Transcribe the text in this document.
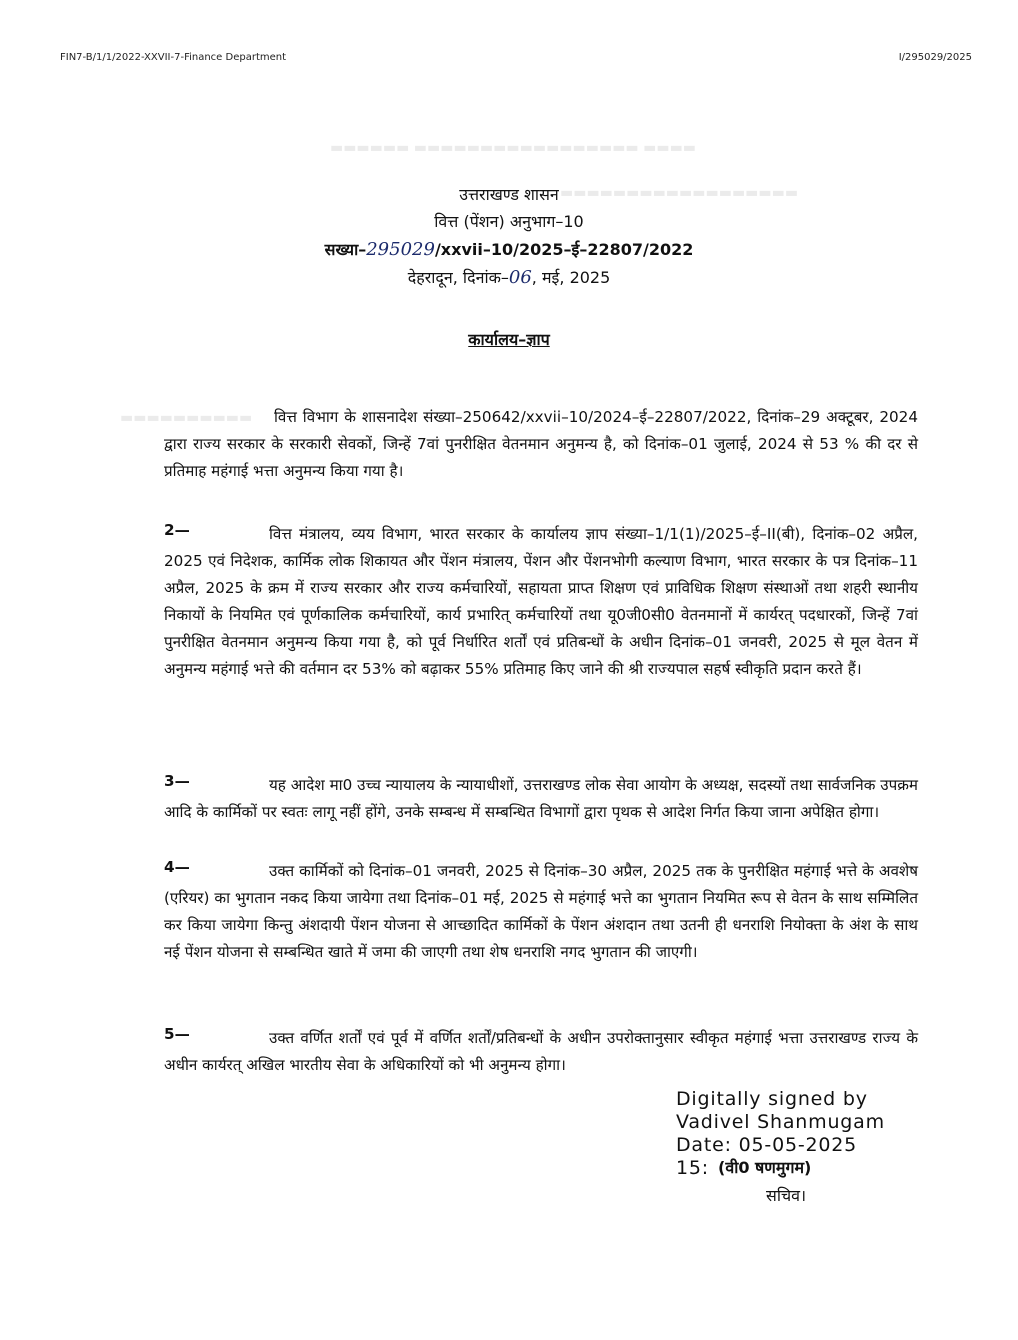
▬▬▬▬ ▬▬▬▬▬▬▬▬▬▬▬▬▬▬▬▬▬ ▬▬▬▬▬▬
▬▬▬▬▬▬▬▬▬▬▬▬▬▬▬▬▬▬
▬▬▬▬▬▬▬▬▬▬
FIN7-B/1/1/2022-XXVII-7-Finance Department	I/295029/2025
उत्तराखण्ड शासन
वित्त (पेंशन) अनुभाग–10
सख्या–295029/xxvii–10/2025–ई–22807/2022
देहरादून, दिनांक–06, मई, 2025
कार्यालय–ज्ञाप

वित्त विभाग के शासनादेश संख्या–250642/xxvii–10/2024–ई–22807/2022, दिनांक–29 अक्टूबर, 2024 द्वारा राज्य सरकार के सरकारी सेवकों, जिन्हें 7वां पुनरीक्षित वेतनमान अनुमन्य है, को दिनांक–01 जुलाई, 2024 से 53 % की दर से प्रतिमाह महंगाई भत्ता अनुमन्य किया गया है।

2—	वित्त मंत्रालय, व्यय विभाग, भारत सरकार के कार्यालय ज्ञाप संख्या–1/1(1)/2025–ई–II(बी), दिनांक–02 अप्रैल, 2025 एवं निदेशक, कार्मिक लोक शिकायत और पेंशन मंत्रालय, पेंशन और पेंशनभोगी कल्याण विभाग, भारत सरकार के पत्र दिनांक–11 अप्रैल, 2025 के क्रम में राज्य सरकार और राज्य कर्मचारियों, सहायता प्राप्त शिक्षण एवं प्राविधिक शिक्षण संस्थाओं तथा शहरी स्थानीय निकायों के नियमित एवं पूर्णकालिक कर्मचारियों, कार्य प्रभारित् कर्मचारियों तथा यू0जी0सी0 वेतनमानों में कार्यरत् पदधारकों, जिन्हें 7वां पुनरीक्षित वेतनमान अनुमन्य किया गया है, को पूर्व निर्धारित शर्तों एवं प्रतिबन्धों के अधीन दिनांक–01 जनवरी, 2025 से मूल वेतन में अनुमन्य महंगाई भत्ते की वर्तमान दर 53% को बढ़ाकर 55% प्रतिमाह किए जाने की श्री राज्यपाल सहर्ष स्वीकृति प्रदान करते हैं।

3—	यह आदेश मा0 उच्च न्यायालय के न्यायाधीशों, उत्तराखण्ड लोक सेवा आयोग के अध्यक्ष, सदस्यों तथा सार्वजनिक उपक्रम आदि के कार्मिकों पर स्वतः लागू नहीं होंगे, उनके सम्बन्ध में सम्बन्धित विभागों द्वारा पृथक से आदेश निर्गत किया जाना अपेक्षित होगा।

4—	उक्त कार्मिकों को दिनांक–01 जनवरी, 2025 से दिनांक–30 अप्रैल, 2025 तक के पुनरीक्षित महंगाई भत्ते के अवशेष (एरियर) का भुगतान नकद किया जायेगा तथा दिनांक–01 मई, 2025 से महंगाई भत्ते का भुगतान नियमित रूप से वेतन के साथ सम्मिलित कर किया जायेगा किन्तु अंशदायी पेंशन योजना से आच्छादित कार्मिकों के पेंशन अंशदान तथा उतनी ही धनराशि नियोक्ता के अंश के साथ नई पेंशन योजना से सम्बन्धित खाते में जमा की जाएगी तथा शेष धनराशि नगद भुगतान की जाएगी।

5—	उक्त वर्णित शर्तों एवं पूर्व में वर्णित शर्तों/प्रतिबन्धों के अधीन उपरोक्तानुसार स्वीकृत महंगाई भत्ता उत्तराखण्ड राज्य के अधीन कार्यरत् अखिल भारतीय सेवा के अधिकारियों को भी अनुमन्य होगा।

Digitally signed by
Vadivel Shanmugam
Date: 05-05-2025
15: (वी0 षणमुगम)
सचिव।
